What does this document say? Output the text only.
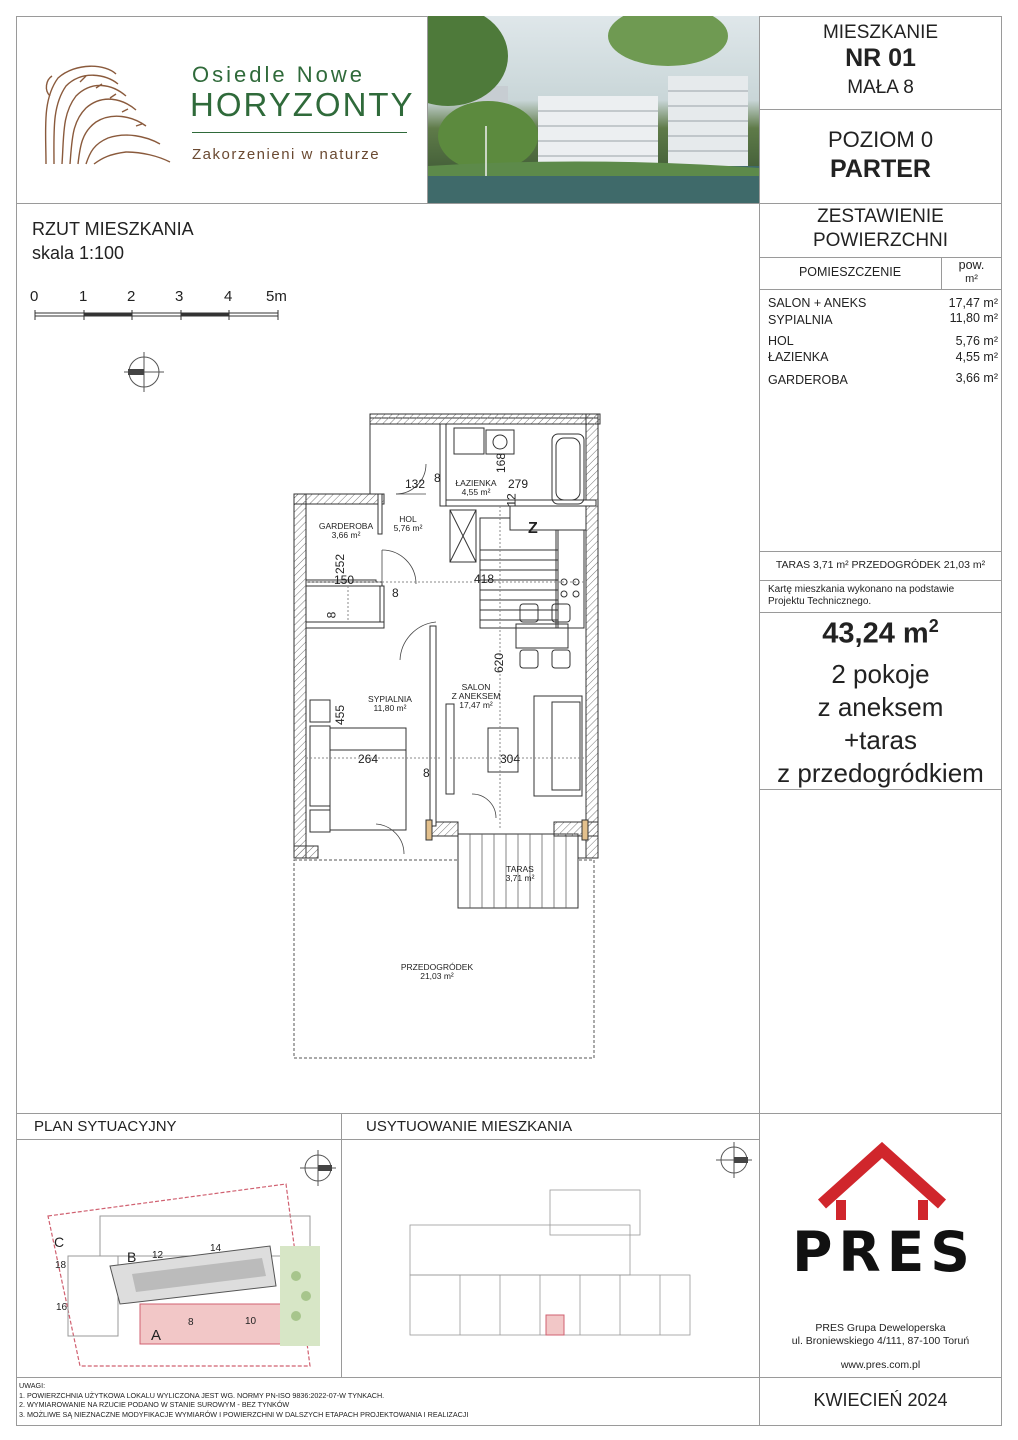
Osiedle Nowe
HORYZONTY
Zakorzenieni w naturze
MIESZKANIE
NR 01
MAŁA 8
POZIOM 0
PARTER
ZESTAWIENIE
POWIERZCHNI
POMIESZCZENIE	pow.
m²
SALON + ANEKS	17,47 m²
SYPIALNIA	11,80 m²
HOL	5,76 m²
ŁAZIENKA	4,55 m²
GARDEROBA	3,66 m²
TARAS 3,71 m² PRZEDOGRÓDEK 21,03 m²
Kartę mieszkania wykonano na podstawie Projektu Technicznego.
43,24 $m^2$
2 pokoje
z aneksem
+taras
z przedogródkiem
RZUT MIESZKANIA
skala 1:100
0	1	2	3	4 5m
ŁAZIENKA
4,55 m²
HOL
5,76 m²
GARDEROBA
3,66 m²
SYPIALNIA
11,80 m²
SALON
Z ANEKSEM
17,47 m²
TARAS
3,71 m²
PRZEDOGRÓDEK
21,03 m²
132 8
168
279
12
252
150
8
418
8
620
455
264
8
304
Z
PLAN SYTUACYJNY	USYTUOWANIE MIESZKANIA
C
B
A
18
16
12
14
8	10
PRES
PRES Grupa Deweloperska
ul. Broniewskiego 4/111, 87-100 Toruń
www.pres.com.pl
KWIECIEŃ 2024
UWAGI:
1. POWIERZCHNIA UŻYTKOWA LOKALU WYLICZONA JEST WG. NORMY PN-ISO 9836:2022-07-W TYNKACH.
2. WYMIAROWANIE NA RZUCIE PODANO W STANIE SUROWYM - BEZ TYNKÓW
3. MOŻLIWE SĄ NIEZNACZNE MODYFIKACJE WYMIARÓW I POWIERZCHNI W DALSZYCH ETAPACH PROJEKTOWANIA I REALIZACJI
